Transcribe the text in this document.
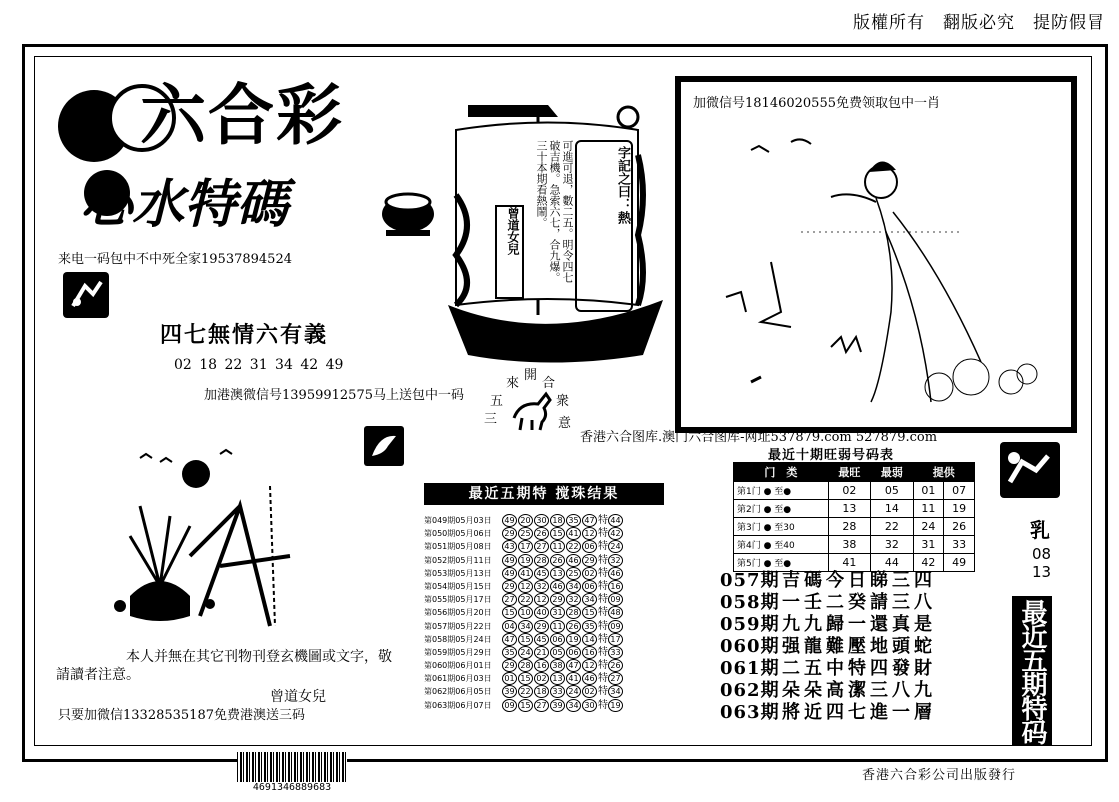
版權所有　翻版必究　提防假冒
六合彩
心水特碼
来电一码包中不中死全家19537894524
四七無情六有義
02 18 22 31 34 42 49
加港澳微信号13959912575马上送包中一码
字記之曰：熱
可進可退，數二五。明令四七破吉機。急索六七，合九爆。三十本期看熱鬧。
曾道女兒
來
開
合
五
意
三
衆
加微信号18146020555免费领取包中一肖
香港六合图库.澳门六合图库-网址537879.com 527879.com
最近五期特 搅珠结果
第049期05月03日 49 20 30 18 35 47 特 44
第050期05月06日 29 25 26 15 41 12 特 42
第051期05月08日 43 17 27 11 22 06 特 24
第052期05月11日 49 19 28 26 46 29 特 32
第053期05月13日 49 41 45 13 25 02 特 46
第054期05月15日 29 12 32 46 34 06 特 16
第055期05月17日 27 22 12 29 32 34 特 09
第056期05月20日 15 10 40 31 28 15 特 48
第057期05月22日 04 34 29 11 26 35 特 09
第058期05月24日 47 15 45 06 19 14 特 17
第059期05月29日 35 24 21 05 06 16 特 33
第060期06月01日 29 28 16 38 47 12 特 26
第061期06月03日 01 15 02 13 41 46 特 27
第062期06月05日 39 22 18 33 24 02 特 34
第063期06月07日 09 15 27 39 34 30 特 19
最近十期旺弱号码表
门　类	最旺	最弱	提供	
第1门 ● 至●	02	05	01	07
第2门 ● 至●	13	14	11	19
第3门 ● 至30	28	22	24	26
第4门 ● 至40	38	32	31	33
第5门 ● 至●	41	44	42	49
乳
08
13
最近五期特码诗
057期 吉碼今日睇三四
058期 一壬二癸請三八
059期 九九歸一還真是
060期 强龍難壓地頭蛇
061期 二五中特四發財
062期 朵朵高潔三八九
063期 將近四七進一層
本人并無在其它刊物刊登玄機圖或文字，敬請讀者注意。
曾道女兒
只要加微信13328535187免费港澳送三码
4691346889683
香港六合彩公司出版發行
